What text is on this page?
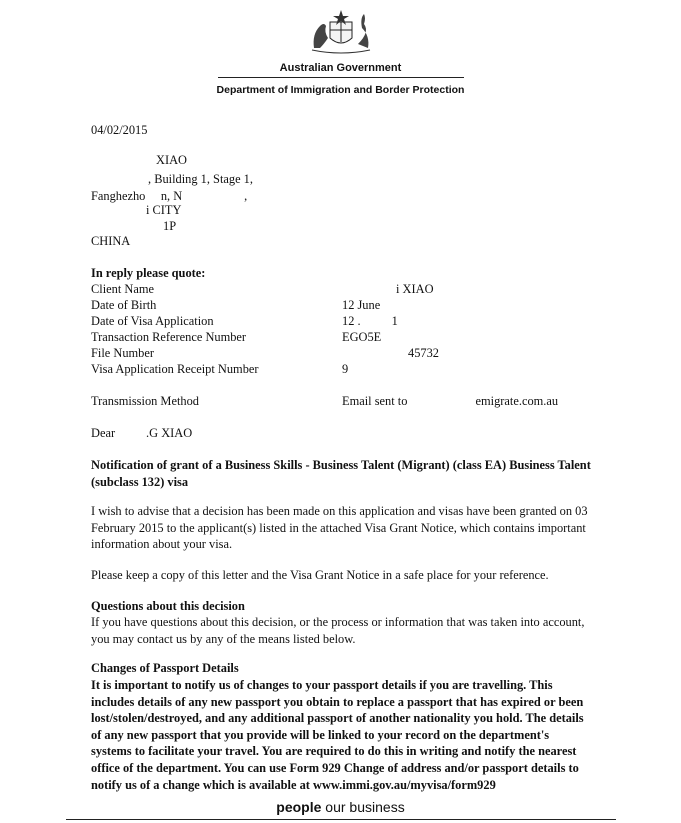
Australian Government
Department of Immigration and Border Protection
04/02/2015
XIAO
, Building 1, Stage 1,
Fanghezho     n, N                    ,
i CITY
1P
CHINA
In reply please quote:
Client Name	i XIAO
Date of Birth	12 June
Date of Visa Application	12 .          1
Transaction Reference Number	EGO5E
File Number	45732
Visa Application Receipt Number	9
Transmission Method	Email sent to                      emigrate.com.au
Dear          .G XIAO
Notification of grant of a Business Skills - Business Talent (Migrant) (class EA) Business Talent (subclass 132) visa
I wish to advise that a decision has been made on this application and visas have been granted on 03 February 2015 to the applicant(s) listed in the attached Visa Grant Notice, which contains important information about your visa.
Please keep a copy of this letter and the Visa Grant Notice in a safe place for your reference.
Questions about this decision
If you have questions about this decision, or the process or information that was taken into account, you may contact us by any of the means listed below.
Changes of Passport Details
It is important to notify us of changes to your passport details if you are travelling. This includes details of any new passport you obtain to replace a passport that has expired or been lost/stolen/destroyed, and any additional passport of another nationality you hold. The details of any new passport that you provide will be linked to your record on the department's systems to facilitate your travel. You are required to do this in writing and notify the nearest office of the department. You can use Form 929 Change of address and/or passport details to notify us of a change which is available at www.immi.gov.au/myvisa/form929
people our business
